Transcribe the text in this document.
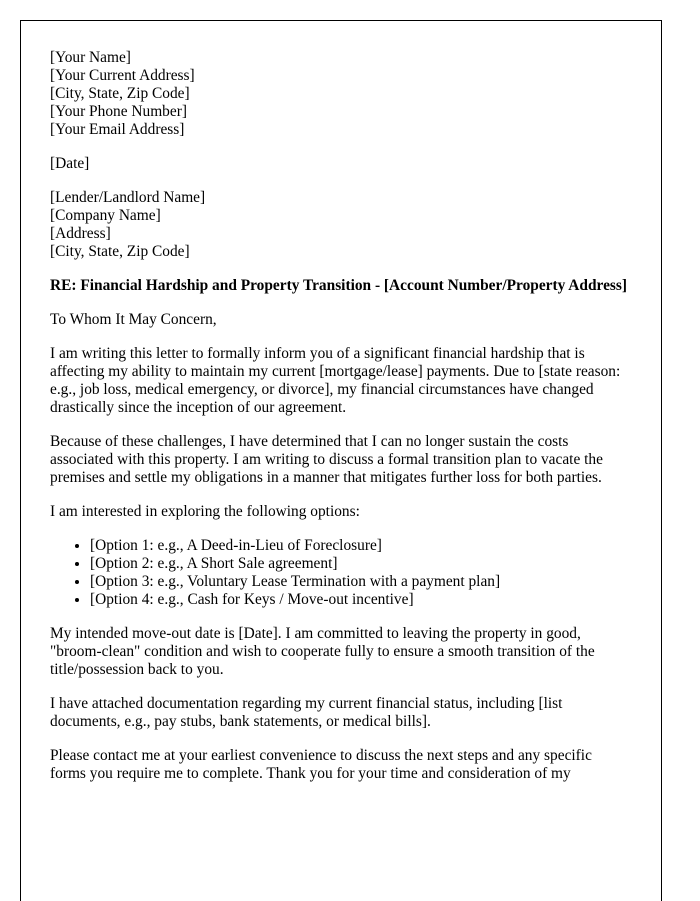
[Your Name]
[Your Current Address]
[City, State, Zip Code]
[Your Phone Number]
[Your Email Address]
[Date]
[Lender/Landlord Name]
[Company Name]
[Address]
[City, State, Zip Code]

RE: Financial Hardship and Property Transition - [Account Number/Property Address]

To Whom It May Concern,

I am writing this letter to formally inform you of a significant financial hardship that is affecting my ability to maintain my current [mortgage/lease] payments. Due to [state reason: e.g., job loss, medical emergency, or divorce], my financial circumstances have changed drastically since the inception of our agreement.

Because of these challenges, I have determined that I can no longer sustain the costs associated with this property. I am writing to discuss a formal transition plan to vacate the premises and settle my obligations in a manner that mitigates further loss for both parties.

I am interested in exploring the following options:

• [Option 1: e.g., A Deed-in-Lieu of Foreclosure]
• [Option 2: e.g., A Short Sale agreement]
• [Option 3: e.g., Voluntary Lease Termination with a payment plan]
• [Option 4: e.g., Cash for Keys / Move-out incentive]

My intended move-out date is [Date]. I am committed to leaving the property in good, "broom-clean" condition and wish to cooperate fully to ensure a smooth transition of the title/possession back to you.

I have attached documentation regarding my current financial status, including [list documents, e.g., pay stubs, bank statements, or medical bills].

Please contact me at your earliest convenience to discuss the next steps and any specific forms you require me to complete. Thank you for your time and consideration of my
